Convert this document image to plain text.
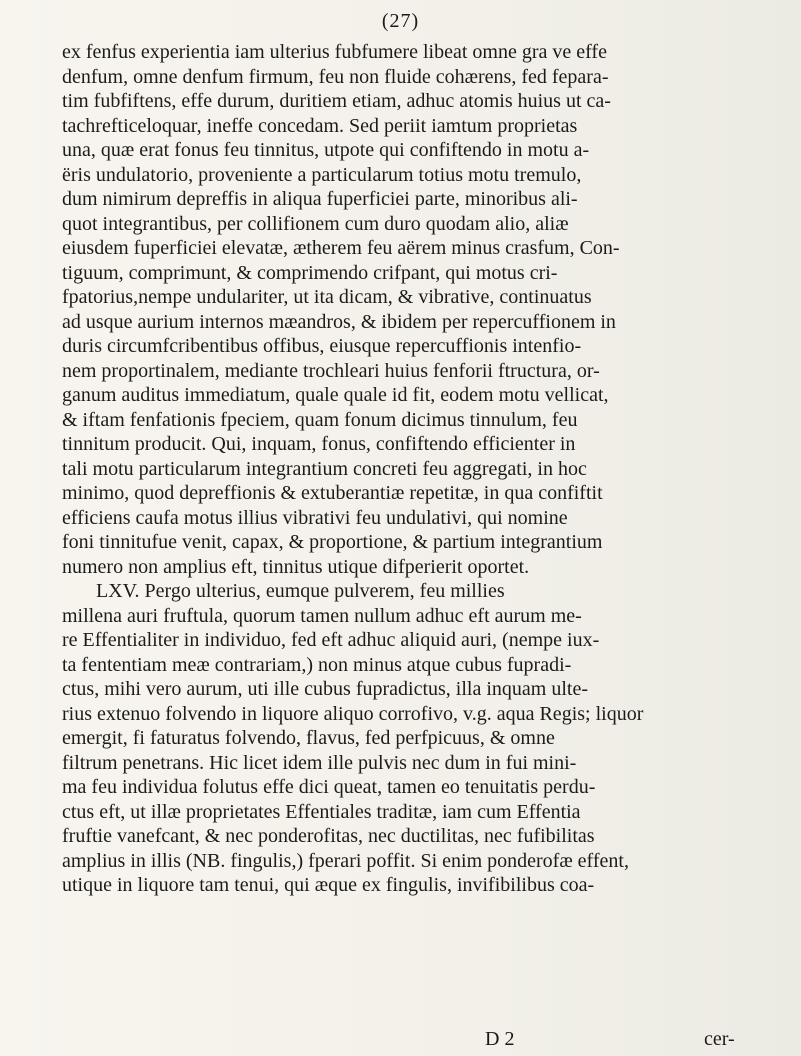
(27)
ex fenfus experientia iam ulterius fubfumere libeat omne gra ve effe
denfum, omne denfum firmum, feu non fluide cohærens, fed fepara-
tim fubfiftens, effe durum, duritiem etiam, adhuc atomis huius ut ca-
tachrefticeloquar, ineffe concedam. Sed periit iamtum proprietas
una, quæ erat fonus feu tinnitus, utpote qui confiftendo in motu a-
ëris undulatorio, proveniente a particularum totius motu tremulo,
dum nimirum depreffis in aliqua fuperficiei parte, minoribus ali-
quot integrantibus, per collifionem cum duro quodam alio, aliæ
eiusdem fuperficiei elevatæ, ætherem feu aërem minus crasfum, Con-
tiguum, comprimunt, & comprimendo crifpant, qui motus cri-
fpatorius,nempe undulariter, ut ita dicam, & vibrative, continuatus
ad usque aurium internos mæandros, & ibidem per repercuffionem in
duris circumfcribentibus offibus, eiusque repercuffionis intenfio-
nem proportinalem, mediante trochleari huius fenforii ftructura, or-
ganum auditus immediatum, quale quale id fit, eodem motu vellicat,
& iftam fenfationis fpeciem, quam fonum dicimus tinnulum, feu
tinnitum producit. Qui, inquam, fonus, confiftendo efficienter in
tali motu particularum integrantium concreti feu aggregati, in hoc
minimo, quod depreffionis & extuberantiæ repetitæ, in qua confiftit
efficiens caufa motus illius vibrativi feu undulativi, qui nomine
foni tinnitufue venit, capax, & proportione, & partium integrantium
numero non amplius eft, tinnitus utique difperierit oportet.
LXV. Pergo ulterius, eumque pulverem, feu millies
millena auri fruftula, quorum tamen nullum adhuc eft aurum me-
re Effentialiter in individuo, fed eft adhuc aliquid auri, (nempe iux-
ta fententiam meæ contrariam,) non minus atque cubus fupradi-
ctus, mihi vero aurum, uti ille cubus fupradictus, illa inquam ulte-
rius extenuo folvendo in liquore aliquo corrofivo, v.g. aqua Regis; liquor
emergit, fi faturatus folvendo, flavus, fed perfpicuus, & omne
filtrum penetrans. Hic licet idem ille pulvis nec dum in fui mini-
ma feu individua folutus effe dici queat, tamen eo tenuitatis perdu-
ctus eft, ut illæ proprietates Effentiales traditæ, iam cum Effentia
fruftie vanefcant, & nec ponderofitas, nec ductilitas, nec fufibilitas
amplius in illis (NB. fingulis,) fperari poffit. Si enim ponderofæ effent,
utique in liquore tam tenui, qui æque ex fingulis, invifibilibus coa-
D 2	cer-
